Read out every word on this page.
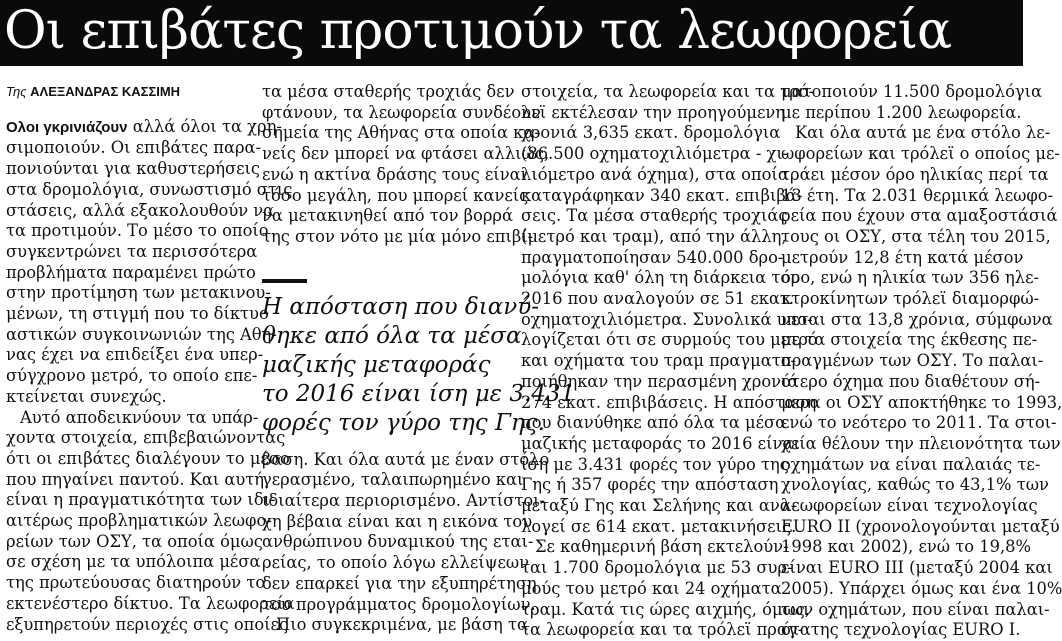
Οι επιβάτες προτιμούν τα λεωφορεία
Της ΑΛΕΞΑΝΔΡΑΣ ΚΑΣΣΙΜΗ
Ολοι γκρινιάζουν αλλά όλοι τα χρη-

σιμοποιούν. Οι επιβάτες παρα-
πονιούνται για καθυστερήσεις
στα δρομολόγια, συνωστισμό στις
στάσεις, αλλά εξακολουθούν να
τα προτιμούν. Το μέσο το οποίο
συγκεντρώνει τα περισσότερα
προβλήματα παραμένει πρώτο
στην προτίμηση των μετακινου-
μένων, τη στιγμή που το δίκτυο
αστικών συγκοινωνιών της Αθή-
νας έχει να επιδείξει ένα υπερ-
σύγχρονο μετρό, το οποίο επε-
κτείνεται συνεχώς.

Αυτό αποδεικνύουν τα υπάρ-
χοντα στοιχεία, επιβεβαιώνοντας
ότι οι επιβάτες διαλέγουν το μέσο
που πηγαίνει παντού. Και αυτή
είναι η πραγματικότητα των ιδι-
αιτέρως προβληματικών λεωφο-
ρείων των ΟΣΥ, τα οποία όμως
σε σχέση με τα υπόλοιπα μέσα
της πρωτεύουσας διατηρούν το
εκτενέστερο δίκτυο. Τα λεωφορεία
εξυπηρετούν περιοχές στις οποίες

τα μέσα σταθερής τροχιάς δεν
φτάνουν, τα λεωφορεία συνδέουν
σημεία της Αθήνας στα οποία κα-
νείς δεν μπορεί να φτάσει αλλιώς,
ενώ η ακτίνα δράσης τους είναι
τόσο μεγάλη, που μπορεί κανείς
να μετακινηθεί από τον βορρά
της στον νότο με μία μόνο επιβί-

Η απόσταση που διανύ-
θηκε από όλα τα μέσα
μαζικής μεταφοράς
το 2016 είναι ίση με 3.431
φορές τον γύρο της Γης.

βαση. Και όλα αυτά με έναν στόλο
γερασμένο, ταλαιπωρημένο και
ιδιαίτερα περιορισμένο. Αντίστοι-
χη βέβαια είναι και η εικόνα του
ανθρώπινου δυναμικού της εται-
ρείας, το οποίο λόγω ελλείψεων
δεν επαρκεί για την εξυπηρέτηση
του προγράμματος δρομολογίων.

Πιο συγκεκριμένα, με βάση τα

στοιχεία, τα λεωφορεία και τα τρό-
λεϊ εκτέλεσαν την προηγούμενη
χρονιά 3,635 εκατ. δρομολόγια
(86.500 οχηματοχιλιόμετρα - χι-
λιόμετρο ανά όχημα), στα οποία
καταγράφηκαν 340 εκατ. επιβιβά-
σεις. Τα μέσα σταθερής τροχιάς
(μετρό και τραμ), από την άλλη,
πραγματοποίησαν 540.000 δρο-
μολόγια καθ' όλη τη διάρκεια του
2016 που αναλογούν σε 51 εκατ.
οχηματοχιλιόμετρα. Συνολικά υπο-
λογίζεται ότι σε συρμούς του μετρό
και οχήματα του τραμ πραγματο-
ποιήθηκαν την περασμένη χρονιά
274 εκατ. επιβιβάσεις. Η απόσταση
που διανύθηκε από όλα τα μέσα
μαζικής μεταφοράς το 2016 είναι
ίση με 3.431 φορές τον γύρο της
Γης ή 357 φορές την απόσταση
μεταξύ Γης και Σελήνης και ανα-
λογεί σε 614 εκατ. μετακινήσεις.

Σε καθημερινή βάση εκτελούν-
ται 1.700 δρομολόγια με 53 συρ-
μούς του μετρό και 24 οχήματα
τραμ. Κατά τις ώρες αιχμής, όμως,
τα λεωφορεία και τα τρόλεϊ πραγ-

ματοποιούν 11.500 δρομολόγια
με περίπου 1.200 λεωφορεία.

Και όλα αυτά με ένα στόλο λε-
ωφορείων και τρόλεϊ ο οποίος με-
τράει μέσον όρο ηλικίας περί τα
13 έτη. Τα 2.031 θερμικά λεωφο-
ρεία που έχουν στα αμαξοστάσιά
τους οι ΟΣΥ, στα τέλη του 2015,
μετρούν 12,8 έτη κατά μέσον
όρο, ενώ η ηλικία των 356 ηλε-
κτροκίνητων τρόλεϊ διαμορφώ-
νεται στα 13,8 χρόνια, σύμφωνα
με τα στοιχεία της έκθεσης πε-
πραγμένων των ΟΣΥ. Το παλαι-
ότερο όχημα που διαθέτουν σή-
μερα οι ΟΣΥ αποκτήθηκε το 1993,
ενώ το νεότερο το 2011. Τα στοι-
χεία θέλουν την πλειονότητα των
οχημάτων να είναι παλαιάς τε-
χνολογίας, καθώς το 43,1% των
λεωφορείων είναι τεχνολογίας
EURO II (χρονολογούνται μεταξύ
1998 και 2002), ενώ το 19,8%
είναι EURO III (μεταξύ 2004 και
2005). Υπάρχει όμως και ένα 10%
των οχημάτων, που είναι παλαι-
ότατης τεχνολογίας EURO I.
